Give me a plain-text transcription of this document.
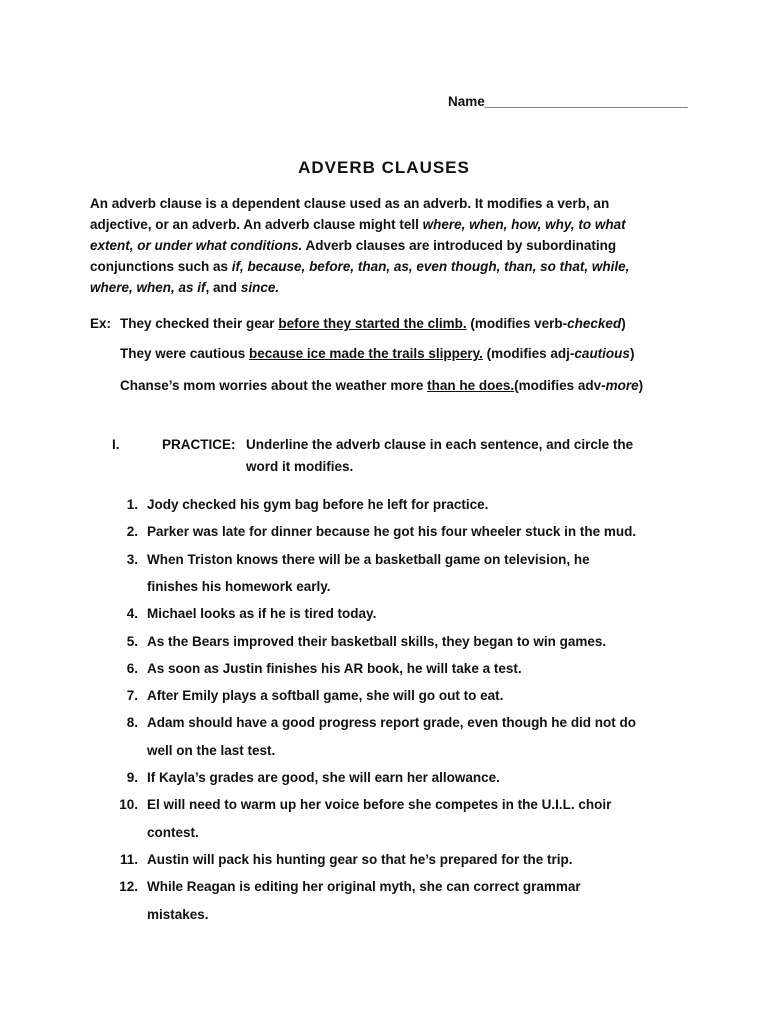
Name___________________________
ADVERB CLAUSES
An adverb clause is a dependent clause used as an adverb. It modifies a verb, an
adjective, or an adverb. An adverb clause might tell where, when, how, why, to what
extent, or under what conditions. Adverb clauses are introduced by subordinating
conjunctions such as if, because, before, than, as, even though, than, so that, while,
where, when, as if, and since.
Ex: They checked their gear before they started the climb. (modifies verb-checked)
They were cautious because ice made the trails slippery. (modifies adj-cautious)
Chanse’s mom worries about the weather more than he does.(modifies adv-more)
I.	PRACTICE: Underline the adverb clause in each sentence, and circle the
word it modifies.
1. Jody checked his gym bag before he left for practice.
2. Parker was late for dinner because he got his four wheeler stuck in the mud.
3. When Triston knows there will be a basketball game on television, he
finishes his homework early.
4. Michael looks as if he is tired today.
5. As the Bears improved their basketball skills, they began to win games.
6. As soon as Justin finishes his AR book, he will take a test.
7. After Emily plays a softball game, she will go out to eat.
8. Adam should have a good progress report grade, even though he did not do
well on the last test.
9. If Kayla’s grades are good, she will earn her allowance.
10. El will need to warm up her voice before she competes in the U.I.L. choir
contest.
11. Austin will pack his hunting gear so that he’s prepared for the trip.
12. While Reagan is editing her original myth, she can correct grammar
mistakes.
